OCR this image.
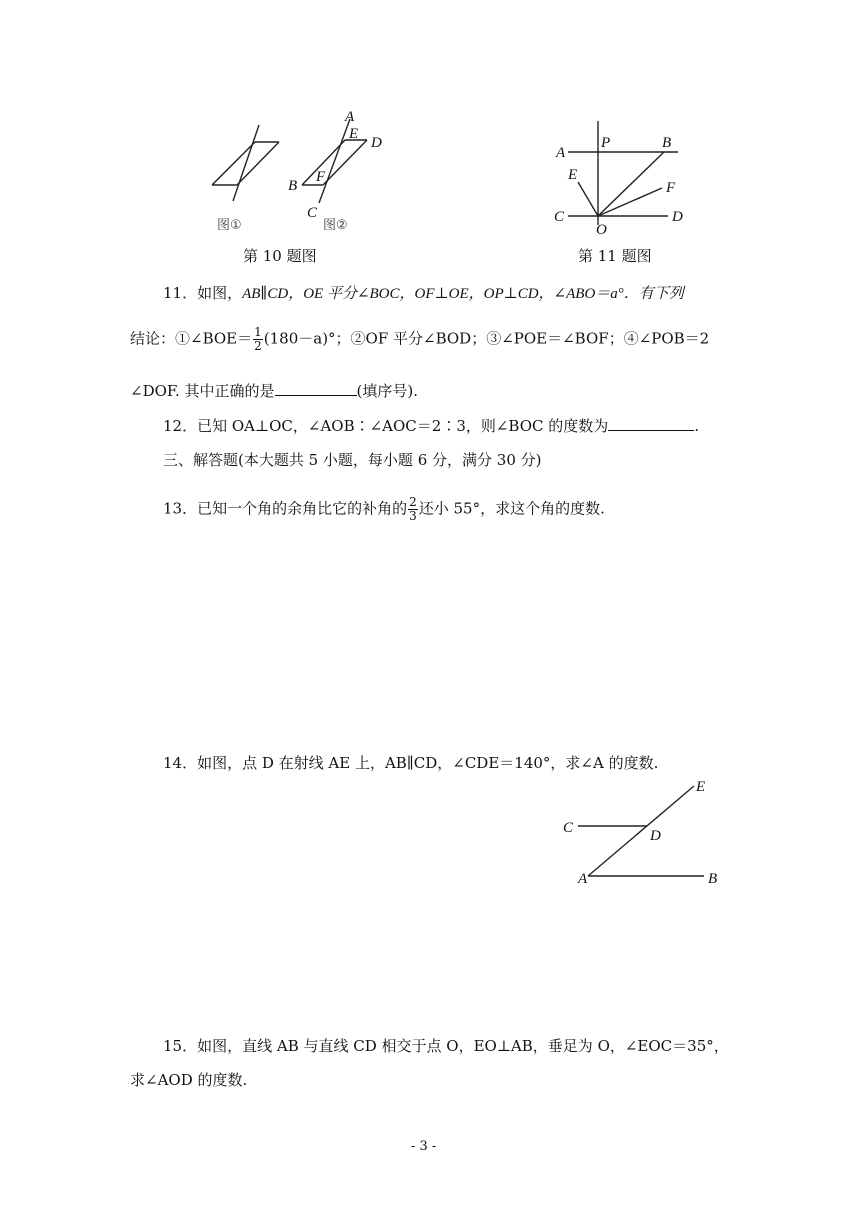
A
E
D
B
F
C
图①	图②
第 10 题图
A
P	B
E
F
C
O
D
第 11 题图
11．如图，AB∥CD，OE 平分∠BOC，OF⊥OE，OP⊥CD，∠ABO＝a°．有下列
结论：①∠BOE＝ $\frac{1}{2} (180-a)^\circ$；②OF 平分∠BOD；③∠POE＝∠BOF；④∠POB＝2
∠DOF. 其中正确的是	(填序号).
12．已知 OA⊥OC，∠AOB∶∠AOC＝2∶3，则∠BOC 的度数为	.
三、解答题(本大题共 5 小题，每小题 6 分，满分 30 分)
13．已知一个角的余角比它的补角的 $\frac{2}{3}$ 还小 55°，求这个角的度数.
14．如图，点 D 在射线 AE 上，AB∥CD，∠CDE＝140°，求∠A 的度数.
E
C	D
A	B
15．如图，直线 AB 与直线 CD 相交于点 O，EO⊥AB，垂足为 O，∠EOC＝35°，
求∠AOD 的度数.
- 3 -
